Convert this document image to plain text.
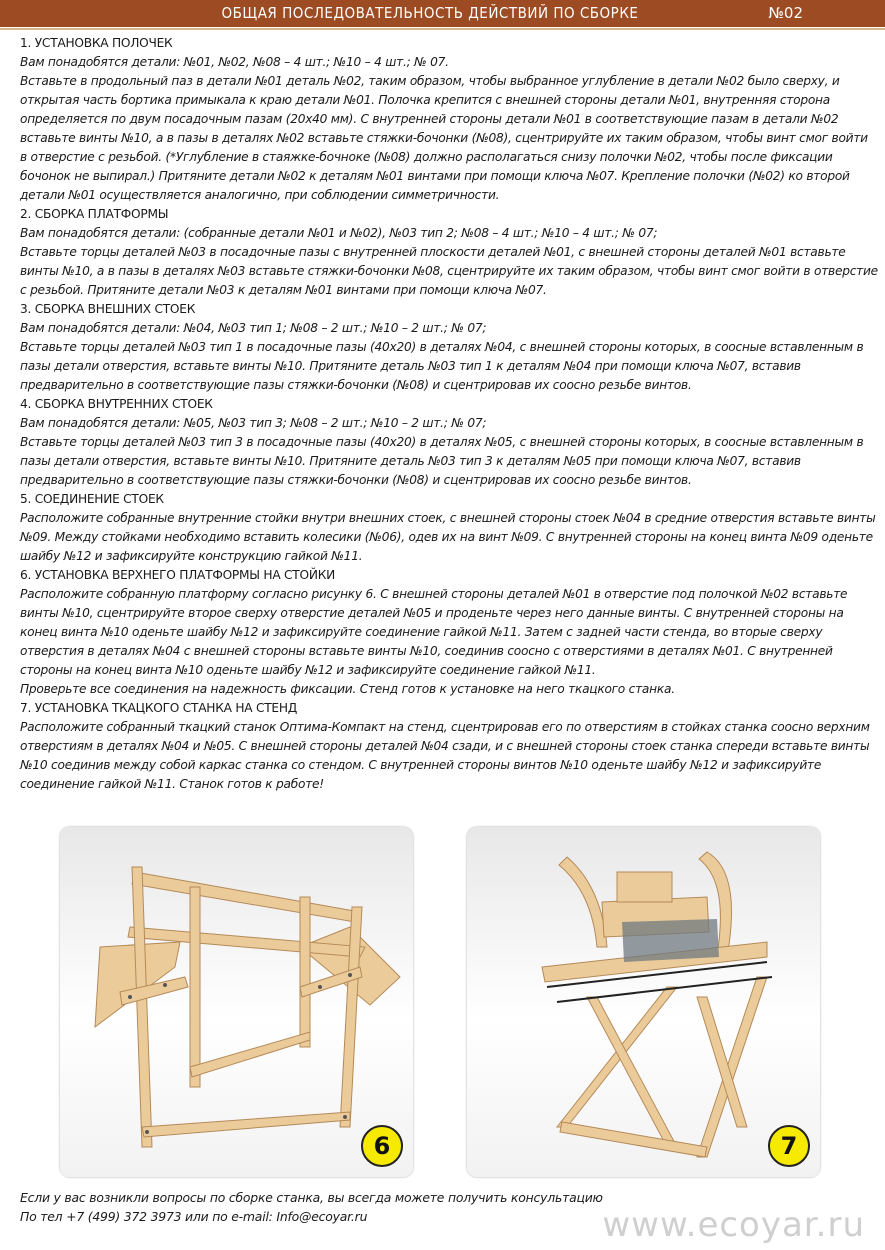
ОБЩАЯ ПОСЛЕДОВАТЕЛЬНОСТЬ ДЕЙСТВИЙ ПО СБОРКЕ	№02
1. УСТАНОВКА ПОЛОЧЕК

Вам понадобятся детали: №01, №02, №08 – 4 шт.; №10 – 4 шт.; № 07.

Вставьте в продольный паз в детали №01 деталь №02, таким образом, чтобы выбранное углубление в детали №02 было сверху, и открытая часть бортика примыкала к краю детали №01. Полочка крепится с внешней стороны детали №01, внутренняя сторона определяется по двум посадочным пазам (20х40 мм). С внутренней стороны детали №01 в соответствующие пазам в детали №02 вставьте винты №10, а в пазы в деталях №02 вставьте стяжки-бочонки (№08), сцентрируйте их таким образом, чтобы винт смог войти в отверстие с резьбой. (*Углубление в стаяжке-бочноке (№08) должно располагаться снизу полочки №02, чтобы после фиксации бочонок не выпирал.) Притяните детали №02 к деталям №01 винтами при помощи ключа №07. Крепление полочки (№02) ко второй детали №01 осуществляется аналогично, при соблюдении симметричности.

2. СБОРКА ПЛАТФОРМЫ

Вам понадобятся детали: (собранные детали №01 и №02), №03 тип 2; №08 – 4 шт.; №10 – 4 шт.; № 07;

Вставьте торцы деталей №03 в посадочные пазы с внутренней плоскости деталей №01, с внешней стороны деталей №01 вставьте винты №10, а в пазы в деталях №03 вставьте стяжки-бочонки №08, сцентрируйте их таким образом, чтобы винт смог войти в отверстие с резьбой. Притяните детали №03 к деталям №01 винтами при помощи ключа №07.

3. СБОРКА ВНЕШНИХ СТОЕК

Вам понадобятся детали: №04, №03 тип 1; №08 – 2 шт.; №10 – 2 шт.; № 07;

Вставьте торцы деталей №03 тип 1 в посадочные пазы (40х20) в деталях №04, с внешней стороны которых, в соосные вставленным в пазы детали отверстия, вставьте винты №10. Притяните деталь №03 тип 1 к деталям №04 при помощи ключа №07, вставив предварительно в соответствующие пазы стяжки-бочонки (№08) и сцентрировав их соосно резьбе винтов.

4. СБОРКА ВНУТРЕННИХ СТОЕК

Вам понадобятся детали: №05, №03 тип 3; №08 – 2 шт.; №10 – 2 шт.; № 07;

Вставьте торцы деталей №03 тип 3 в посадочные пазы (40х20) в деталях №05, с внешней стороны которых, в соосные вставленным в пазы детали отверстия, вставьте винты №10. Притяните деталь №03 тип 3 к деталям №05 при помощи ключа №07, вставив предварительно в соответствующие пазы стяжки-бочонки (№08) и сцентрировав их соосно резьбе винтов.

5. СОЕДИНЕНИЕ СТОЕК

Расположите собранные внутренние стойки внутри внешних стоек, с внешней стороны стоек №04 в средние отверстия вставьте винты №09. Между стойками необходимо вставить колесики (№06), одев их на винт №09. С внутренней стороны на конец винта №09 оденьте шайбу №12 и зафиксируйте конструкцию гайкой №11.

6. УСТАНОВКА ВЕРХНЕГО ПЛАТФОРМЫ НА СТОЙКИ

Расположите собранную платформу согласно рисунку 6. С внешней стороны деталей №01 в отверстие под полочкой №02 вставьте винты №10, сцентрируйте второе сверху отверстие деталей №05 и проденьте через него данные винты. С внутренней стороны на конец винта №10 оденьте шайбу №12 и зафиксируйте соединение гайкой №11. Затем с задней части стенда, во вторые сверху отверстия в деталях №04 с внешней стороны вставьте винты №10, соединив соосно с отверстиями в деталях №01. С внутренней стороны на конец винта №10 оденьте шайбу №12 и зафиксируйте соединение гайкой №11.

Проверьте все соединения на надежность фиксации. Стенд готов к установке на него ткацкого станка.

7. УСТАНОВКА ТКАЦКОГО СТАНКА НА СТЕНД

Расположите собранный ткацкий станок Оптима-Компакт на стенд, сцентрировав его по отверстиям в стойках станка соосно верхним отверстиям в деталях №04 и №05. С внешней стороны деталей №04 сзади, и с внешней стороны стоек станка спереди вставьте винты №10 соединив между собой каркас станка со стендом. С внутренней стороны винтов №10 оденьте шайбу №12 и зафиксируйте соединение гайкой №11. Станок готов к работе!

6	7
Если у вас возникли вопросы по сборке станка, вы всегда можете получить консультацию
По тел +7 (499) 372 3973 или по e-mail: Info@ecoyar.ru	www.ecoyar.ru
